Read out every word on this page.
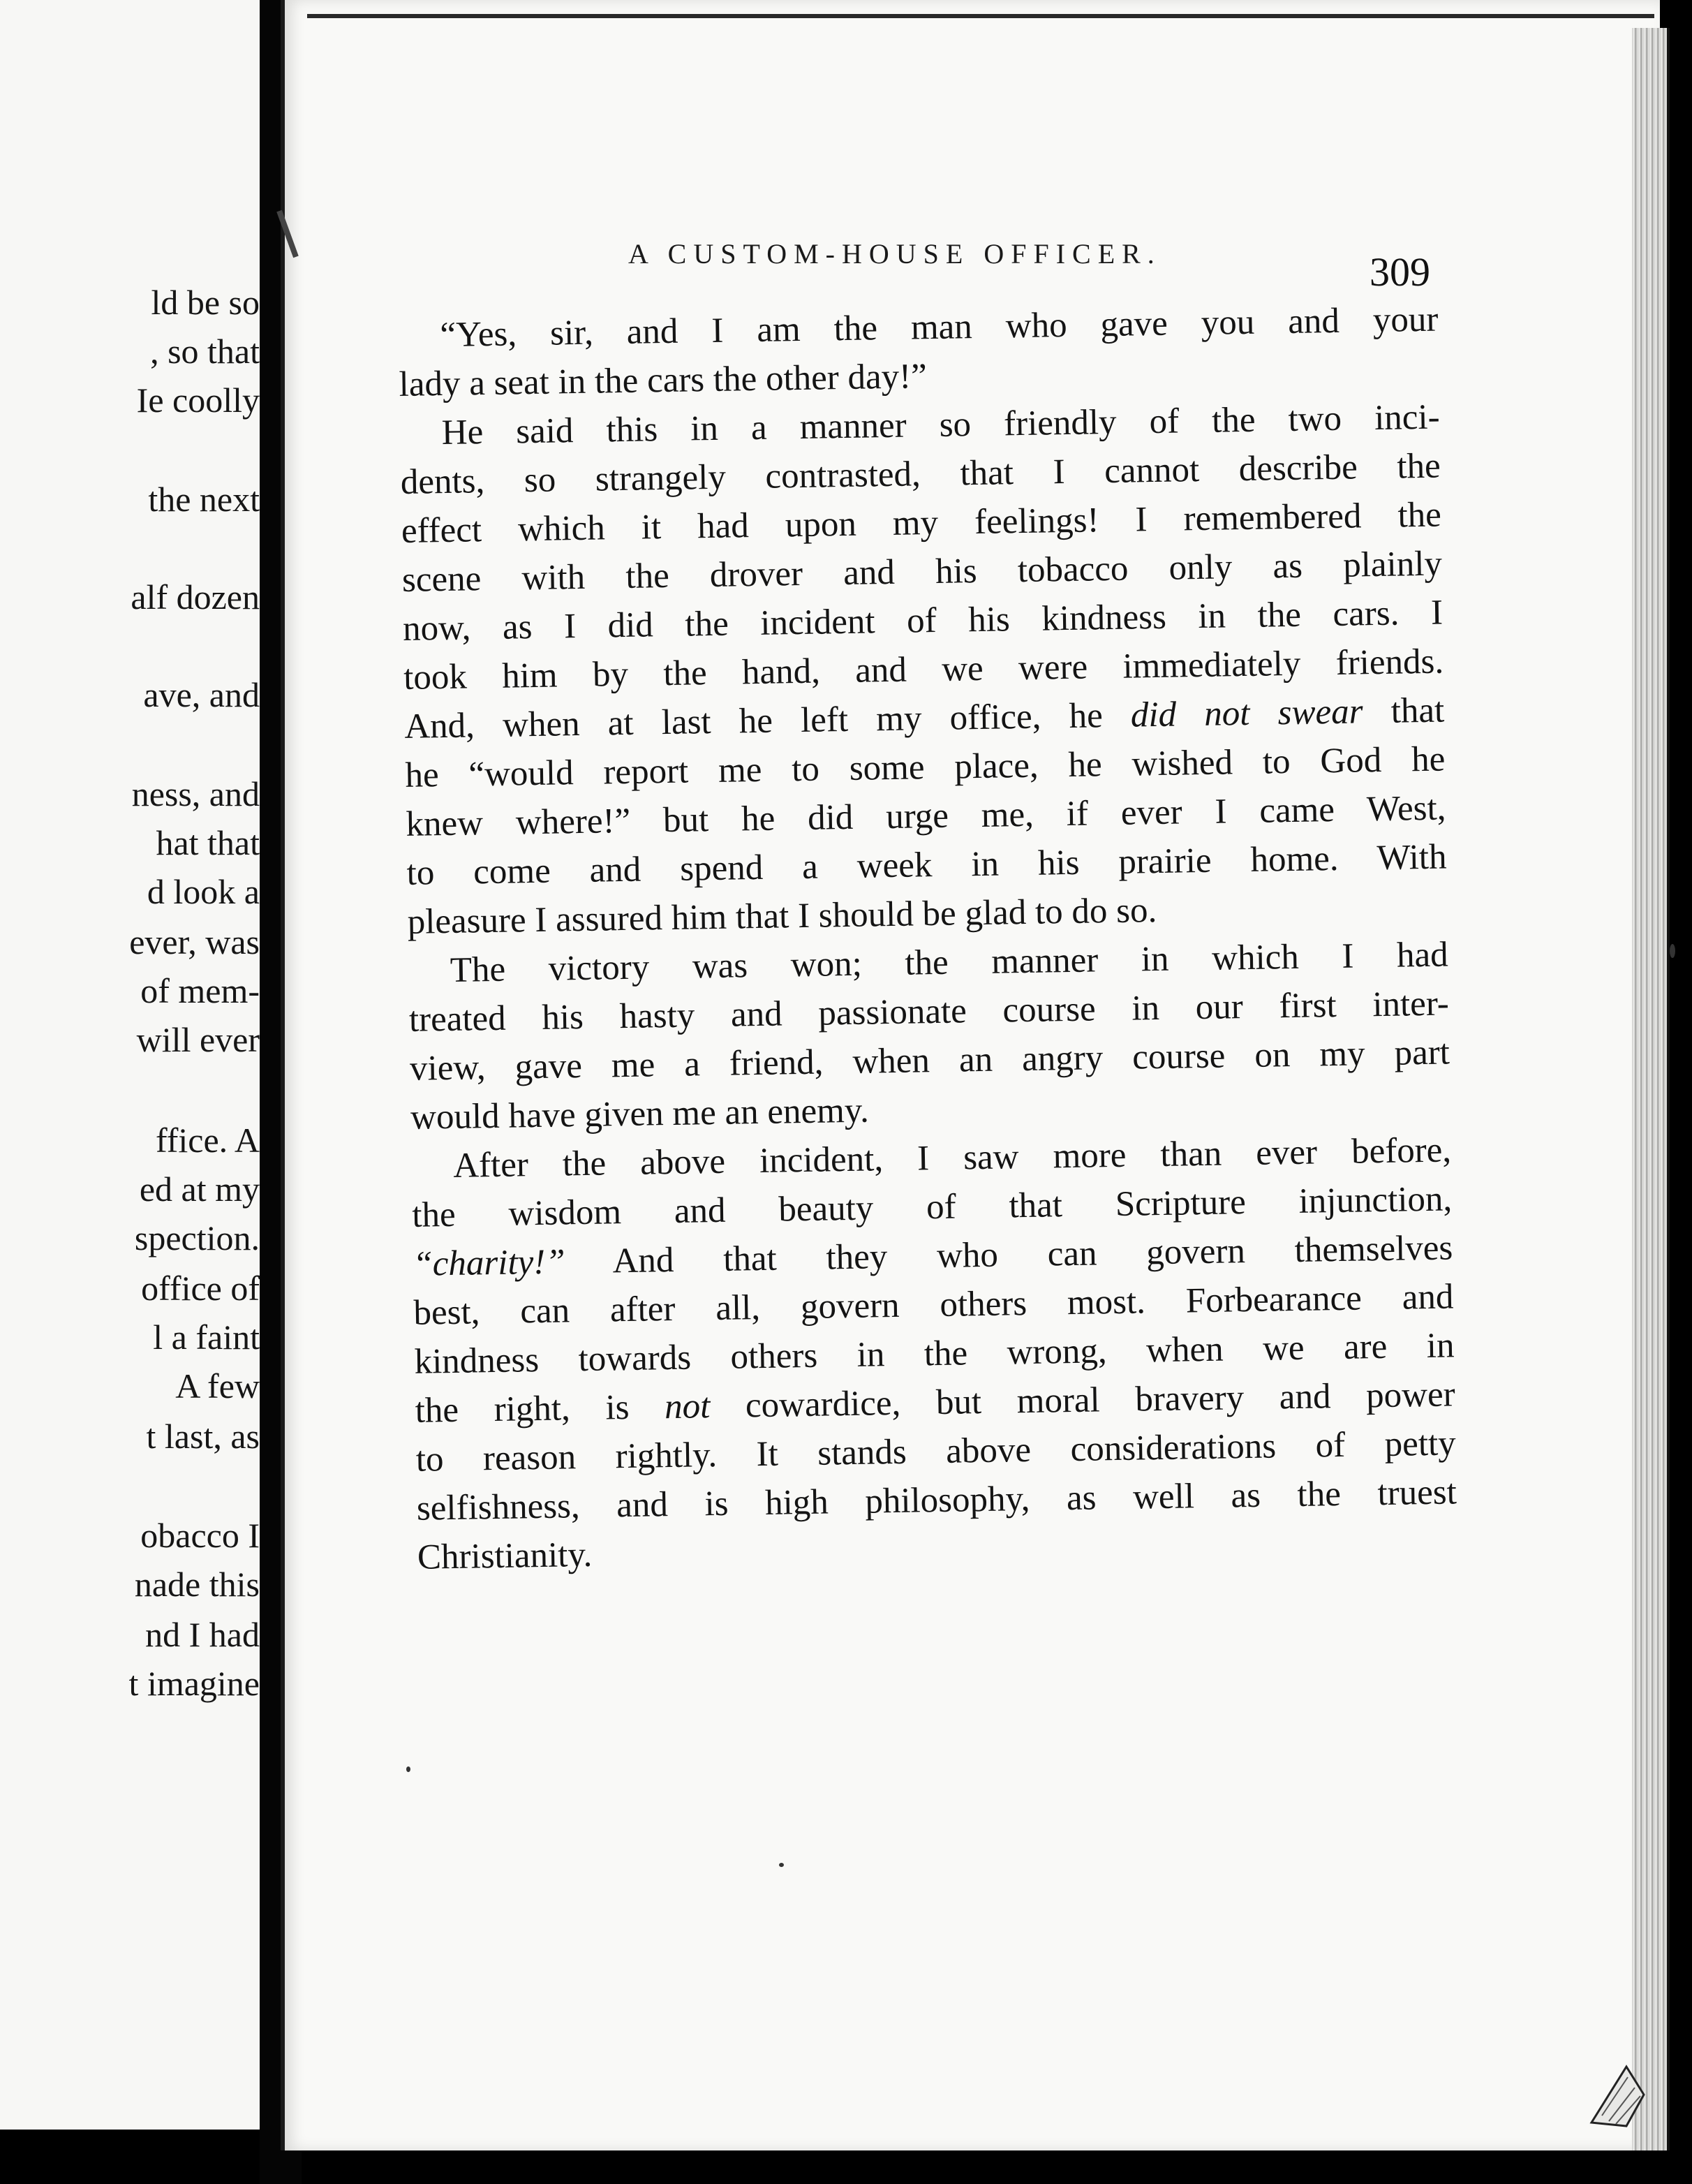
ld be so
, so that
Ie coolly
the next
alf dozen
ave, and
ness, and
hat that
d look a
ever, was
of mem-
will ever
ffice. A
ed at my
spection.
office of
l a faint
A few
t last, as
obacco I
nade this
nd I had
t imagine
A CUSTOM-HOUSE OFFICER.	309
“Yes, sir, and I am the man who gave you and your
lady a seat in the cars the other day!”
He said this in a manner so friendly of the two inci-
dents, so strangely contrasted, that I cannot describe the
effect which it had upon my feelings! I remembered the
scene with the drover and his tobacco only as plainly
now, as I did the incident of his kindness in the cars. I
took him by the hand, and we were immediately friends.
And, when at last he left my office, he did not swear that
he “would report me to some place, he wished to God he
knew where!” but he did urge me, if ever I came West,
to come and spend a week in his prairie home. With
pleasure I assured him that I should be glad to do so.
The victory was won; the manner in which I had
treated his hasty and passionate course in our first inter-
view, gave me a friend, when an angry course on my part
would have given me an enemy.
After the above incident, I saw more than ever before,
the wisdom and beauty of that Scripture injunction,
“charity!” And that they who can govern themselves
best, can after all, govern others most. Forbearance and
kindness towards others in the wrong, when we are in
the right, is not cowardice, but moral bravery and power
to reason rightly. It stands above considerations of petty
selfishness, and is high philosophy, as well as the truest
Christianity.
